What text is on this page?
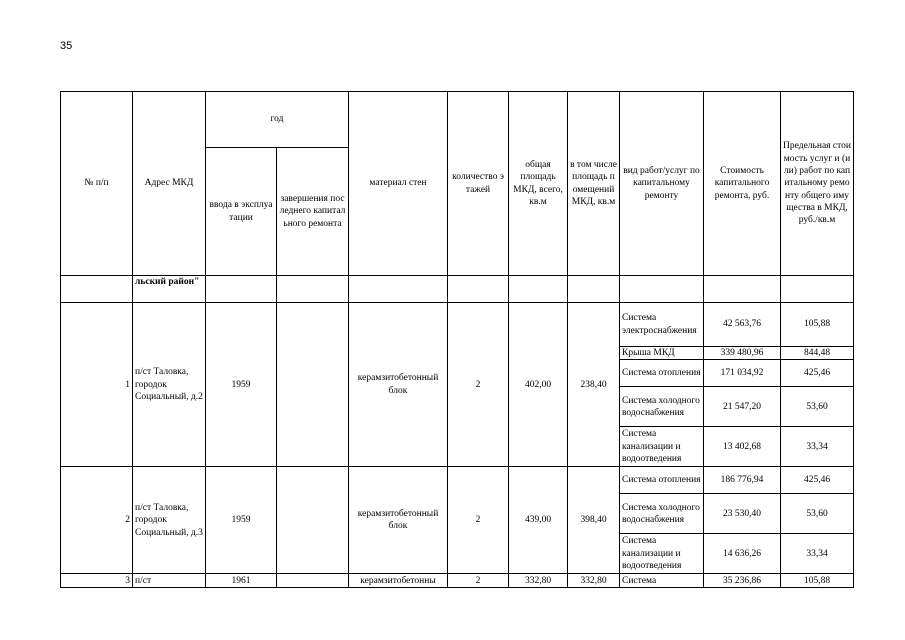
35
№ п/п	Адрес МКД	год		материал стен	количество этажей	общая площадь МКД, всего, кв.м	в том числе площадь помещений МКД, кв.м	вид работ/услуг по капитальному ремонту	Стоимость капитального ремонта, руб.	Предельная стоимость услуг и (или) работ по капитальному ремонту общего имущества в МКД, руб./кв.м
		ввода в эксплуатации	завершения последнего капитального ремонта							
	льский район"									
1	п/ст Таловка, городок Социальный, д.2	1959		керамзитобетонный блок	2	402,00	238,40	Система электроснабжения	42 563,76	105,88
								Крыша МКД	339 480,96	844,48
								Система отопления	171 034,92	425,46
								Система холодного водоснабжения	21 547,20	53,60
								Система канализации и водоотведения	13 402,68	33,34
2	п/ст Таловка, городок Социальный, д.3	1959		керамзитобетонный блок	2	439,00	398,40	Система отопления	186 776,94	425,46
								Система холодного водоснабжения	23 530,40	53,60
								Система канализации и водоотведения	14 636,26	33,34
3	п/ст	1961		керамзитобетонны	2	332,80	332,80	Система	35 236,86	105,88
